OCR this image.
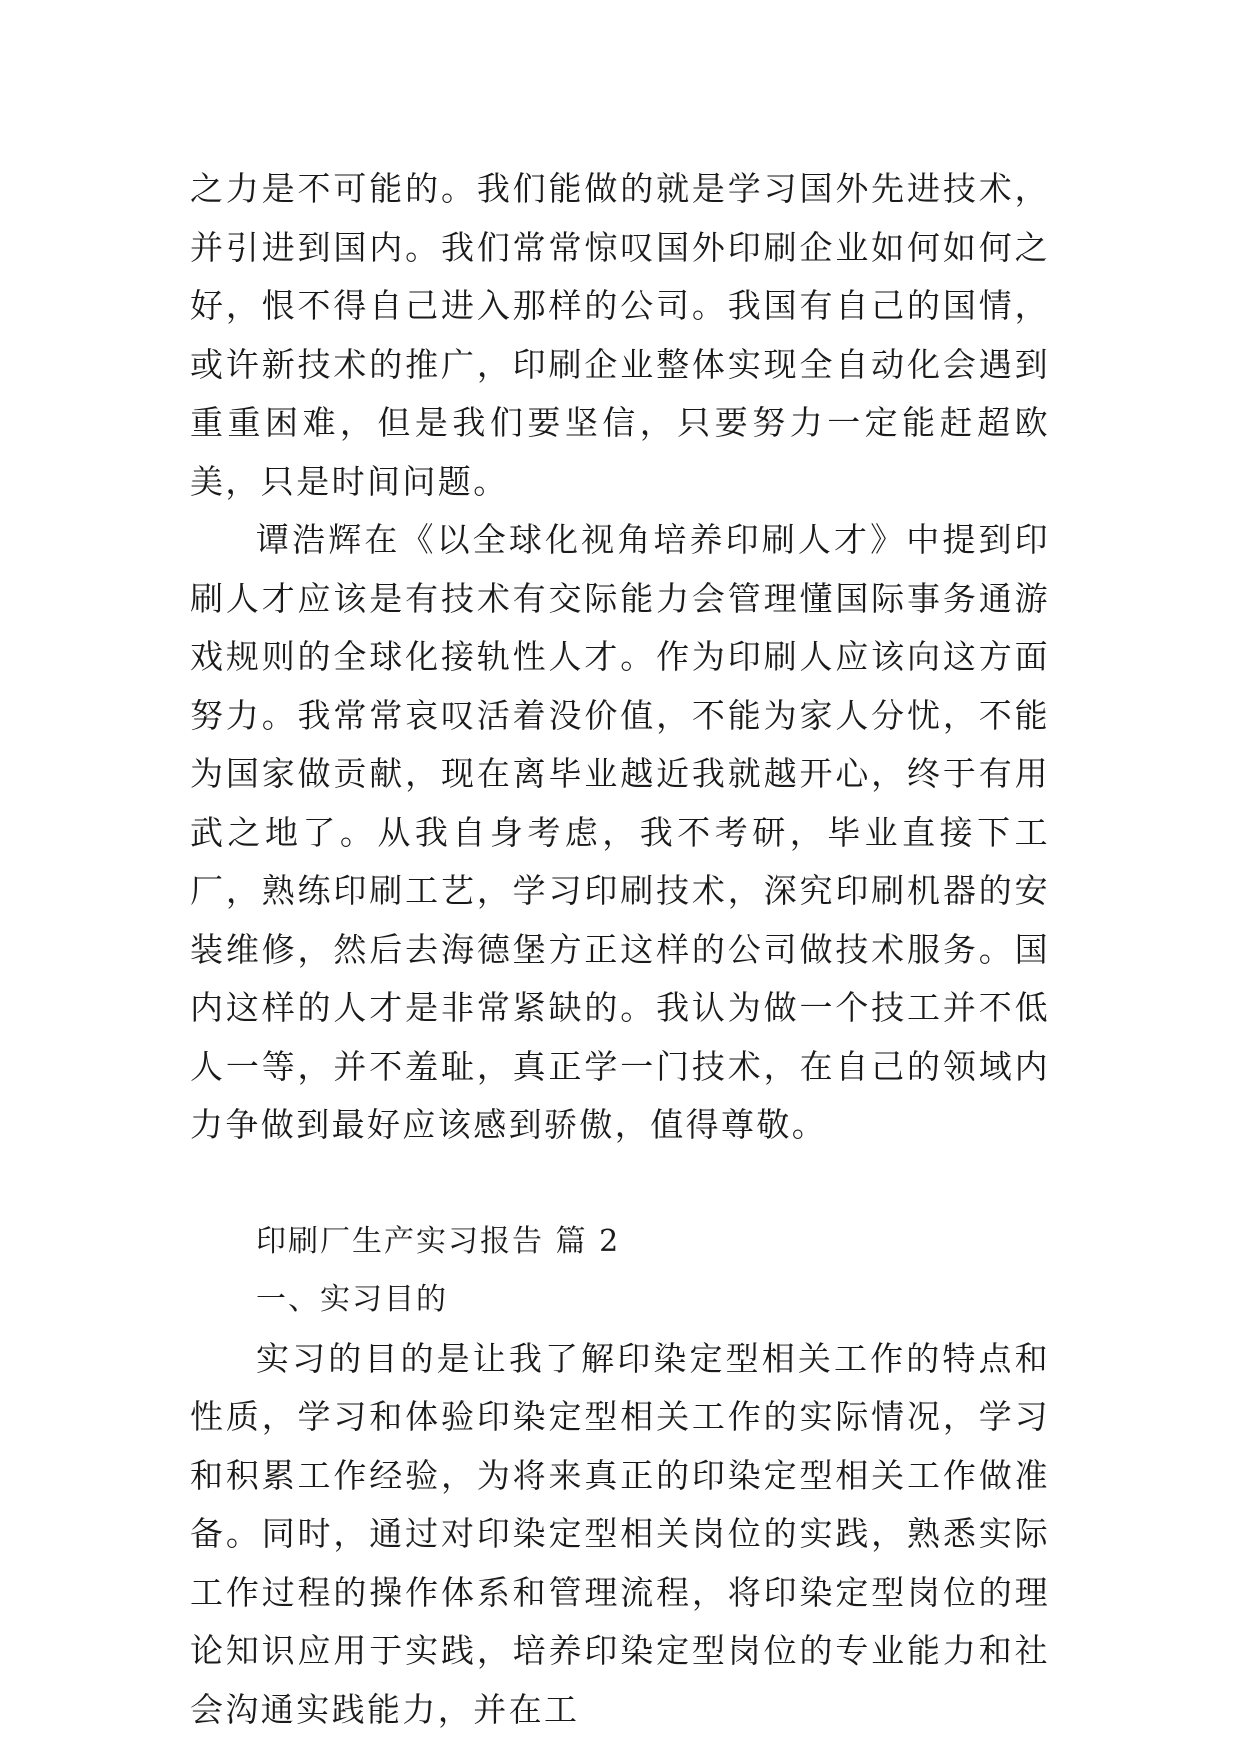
之力是不可能的。我们能做的就是学习国外先进技术，并引进到国内。我们常常惊叹国外印刷企业如何如何之好，恨不得自己进入那样的公司。我国有自己的国情，或许新技术的推广，印刷企业整体实现全自动化会遇到重重困难，但是我们要坚信，只要努力一定能赶超欧美，只是时间问题。

谭浩辉在《以全球化视角培养印刷人才》中提到印刷人才应该是有技术有交际能力会管理懂国际事务通游戏规则的全球化接轨性人才。作为印刷人应该向这方面努力。我常常哀叹活着没价值，不能为家人分忧，不能为国家做贡献，现在离毕业越近我就越开心，终于有用武之地了。从我自身考虑，我不考研，毕业直接下工厂，熟练印刷工艺，学习印刷技术，深究印刷机器的安装维修，然后去海德堡方正这样的公司做技术服务。国内这样的人才是非常紧缺的。我认为做一个技工并不低人一等，并不羞耻，真正学一门技术，在自己的领域内力争做到最好应该感到骄傲，值得尊敬。

印刷厂生产实习报告 篇 2

一、实习目的

实习的目的是让我了解印染定型相关工作的特点和性质，学习和体验印染定型相关工作的实际情况，学习和积累工作经验，为将来真正的印染定型相关工作做准备。同时，通过对印染定型相关岗位的实践，熟悉实际工作过程的操作体系和管理流程，将印染定型岗位的理论知识应用于实践，培养印染定型岗位的专业能力和社会沟通实践能力，并在工
